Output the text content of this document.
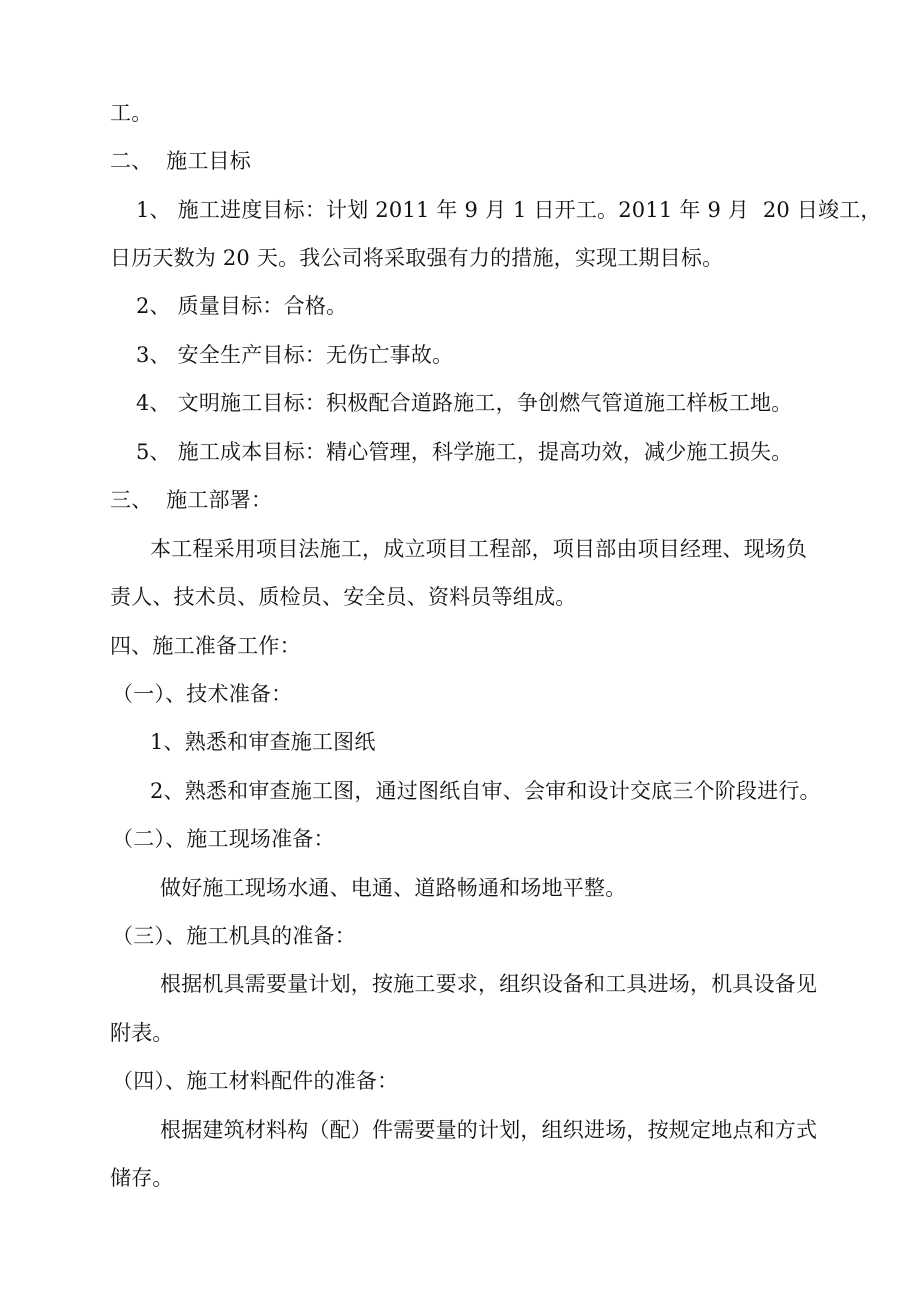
工。
二、  施工目标
1、 施工进度目标：计划 2011 年 9 月 1 日开工。2011 年 9 月  20 日竣工，
日历天数为 20 天。我公司将采取强有力的措施，实现工期目标。
2、 质量目标：合格。
3、 安全生产目标：无伤亡事故。
4、 文明施工目标：积极配合道路施工，争创燃气管道施工样板工地。
5、 施工成本目标：精心管理，科学施工，提高功效，减少施工损失。
三、  施工部署：
本工程采用项目法施工，成立项目工程部，项目部由项目经理、现场负
责人、技术员、质检员、安全员、资料员等组成。
四、施工准备工作：
（一）、技术准备：
1、熟悉和审查施工图纸
2、熟悉和审查施工图，通过图纸自审、会审和设计交底三个阶段进行。
（二）、施工现场准备：
做好施工现场水通、电通、道路畅通和场地平整。
（三）、施工机具的准备：
根据机具需要量计划，按施工要求，组织设备和工具进场，机具设备见
附表。
（四）、施工材料配件的准备：
根据建筑材料构（配）件需要量的计划，组织进场，按规定地点和方式
储存。
